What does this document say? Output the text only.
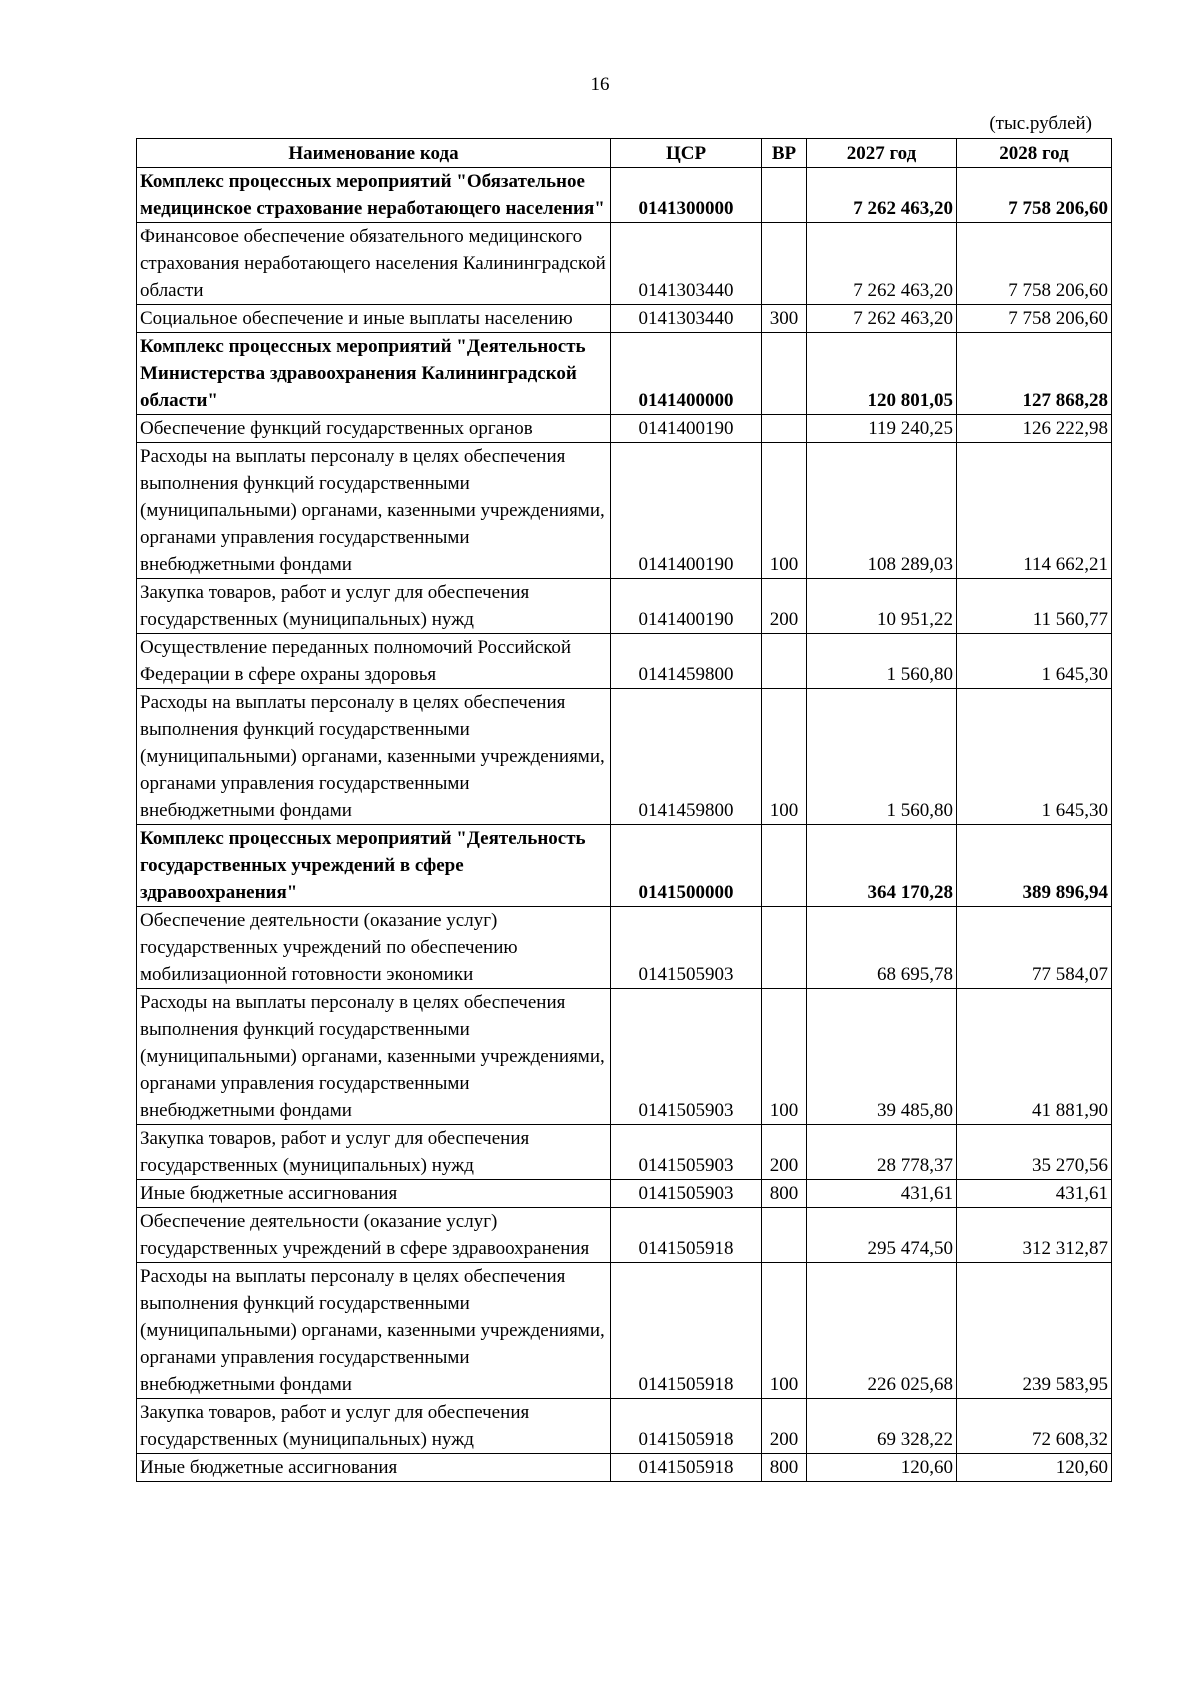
16
(тыс.рублей)
Наименование кода	ЦСР	ВР	2027 год	2028 год
Комплекс процессных мероприятий "Обязательное медицинское страхование неработающего населения"	0141300000		7 262 463,20	7 758 206,60
Финансовое обеспечение обязательного медицинского страхования неработающего населения Калининградской области	0141303440		7 262 463,20	7 758 206,60
Социальное обеспечение и иные выплаты населению	0141303440	300	7 262 463,20	7 758 206,60
Комплекс процессных мероприятий "Деятельность Министерства здравоохранения Калининградской области"	0141400000		120 801,05	127 868,28
Обеспечение функций государственных органов	0141400190		119 240,25	126 222,98
Расходы на выплаты персоналу в целях обеспечения выполнения функций государственными (муниципальными) органами, казенными учреждениями, органами управления государственными внебюджетными фондами	0141400190	100	108 289,03	114 662,21
Закупка товаров, работ и услуг для обеспечения государственных (муниципальных) нужд	0141400190	200	10 951,22	11 560,77
Осуществление переданных полномочий Российской Федерации в сфере охраны здоровья	0141459800		1 560,80	1 645,30
Расходы на выплаты персоналу в целях обеспечения выполнения функций государственными (муниципальными) органами, казенными учреждениями, органами управления государственными внебюджетными фондами	0141459800	100	1 560,80	1 645,30
Комплекс процессных мероприятий "Деятельность государственных учреждений в сфере здравоохранения"	0141500000		364 170,28	389 896,94
Обеспечение деятельности (оказание услуг) государственных учреждений по обеспечению мобилизационной готовности экономики	0141505903		68 695,78	77 584,07
Расходы на выплаты персоналу в целях обеспечения выполнения функций государственными (муниципальными) органами, казенными учреждениями, органами управления государственными внебюджетными фондами	0141505903	100	39 485,80	41 881,90
Закупка товаров, работ и услуг для обеспечения государственных (муниципальных) нужд	0141505903	200	28 778,37	35 270,56
Иные бюджетные ассигнования	0141505903	800	431,61	431,61
Обеспечение деятельности (оказание услуг) государственных учреждений в сфере здравоохранения	0141505918		295 474,50	312 312,87
Расходы на выплаты персоналу в целях обеспечения выполнения функций государственными (муниципальными) органами, казенными учреждениями, органами управления государственными внебюджетными фондами	0141505918	100	226 025,68	239 583,95
Закупка товаров, работ и услуг для обеспечения государственных (муниципальных) нужд	0141505918	200	69 328,22	72 608,32
Иные бюджетные ассигнования	0141505918	800	120,60	120,60
